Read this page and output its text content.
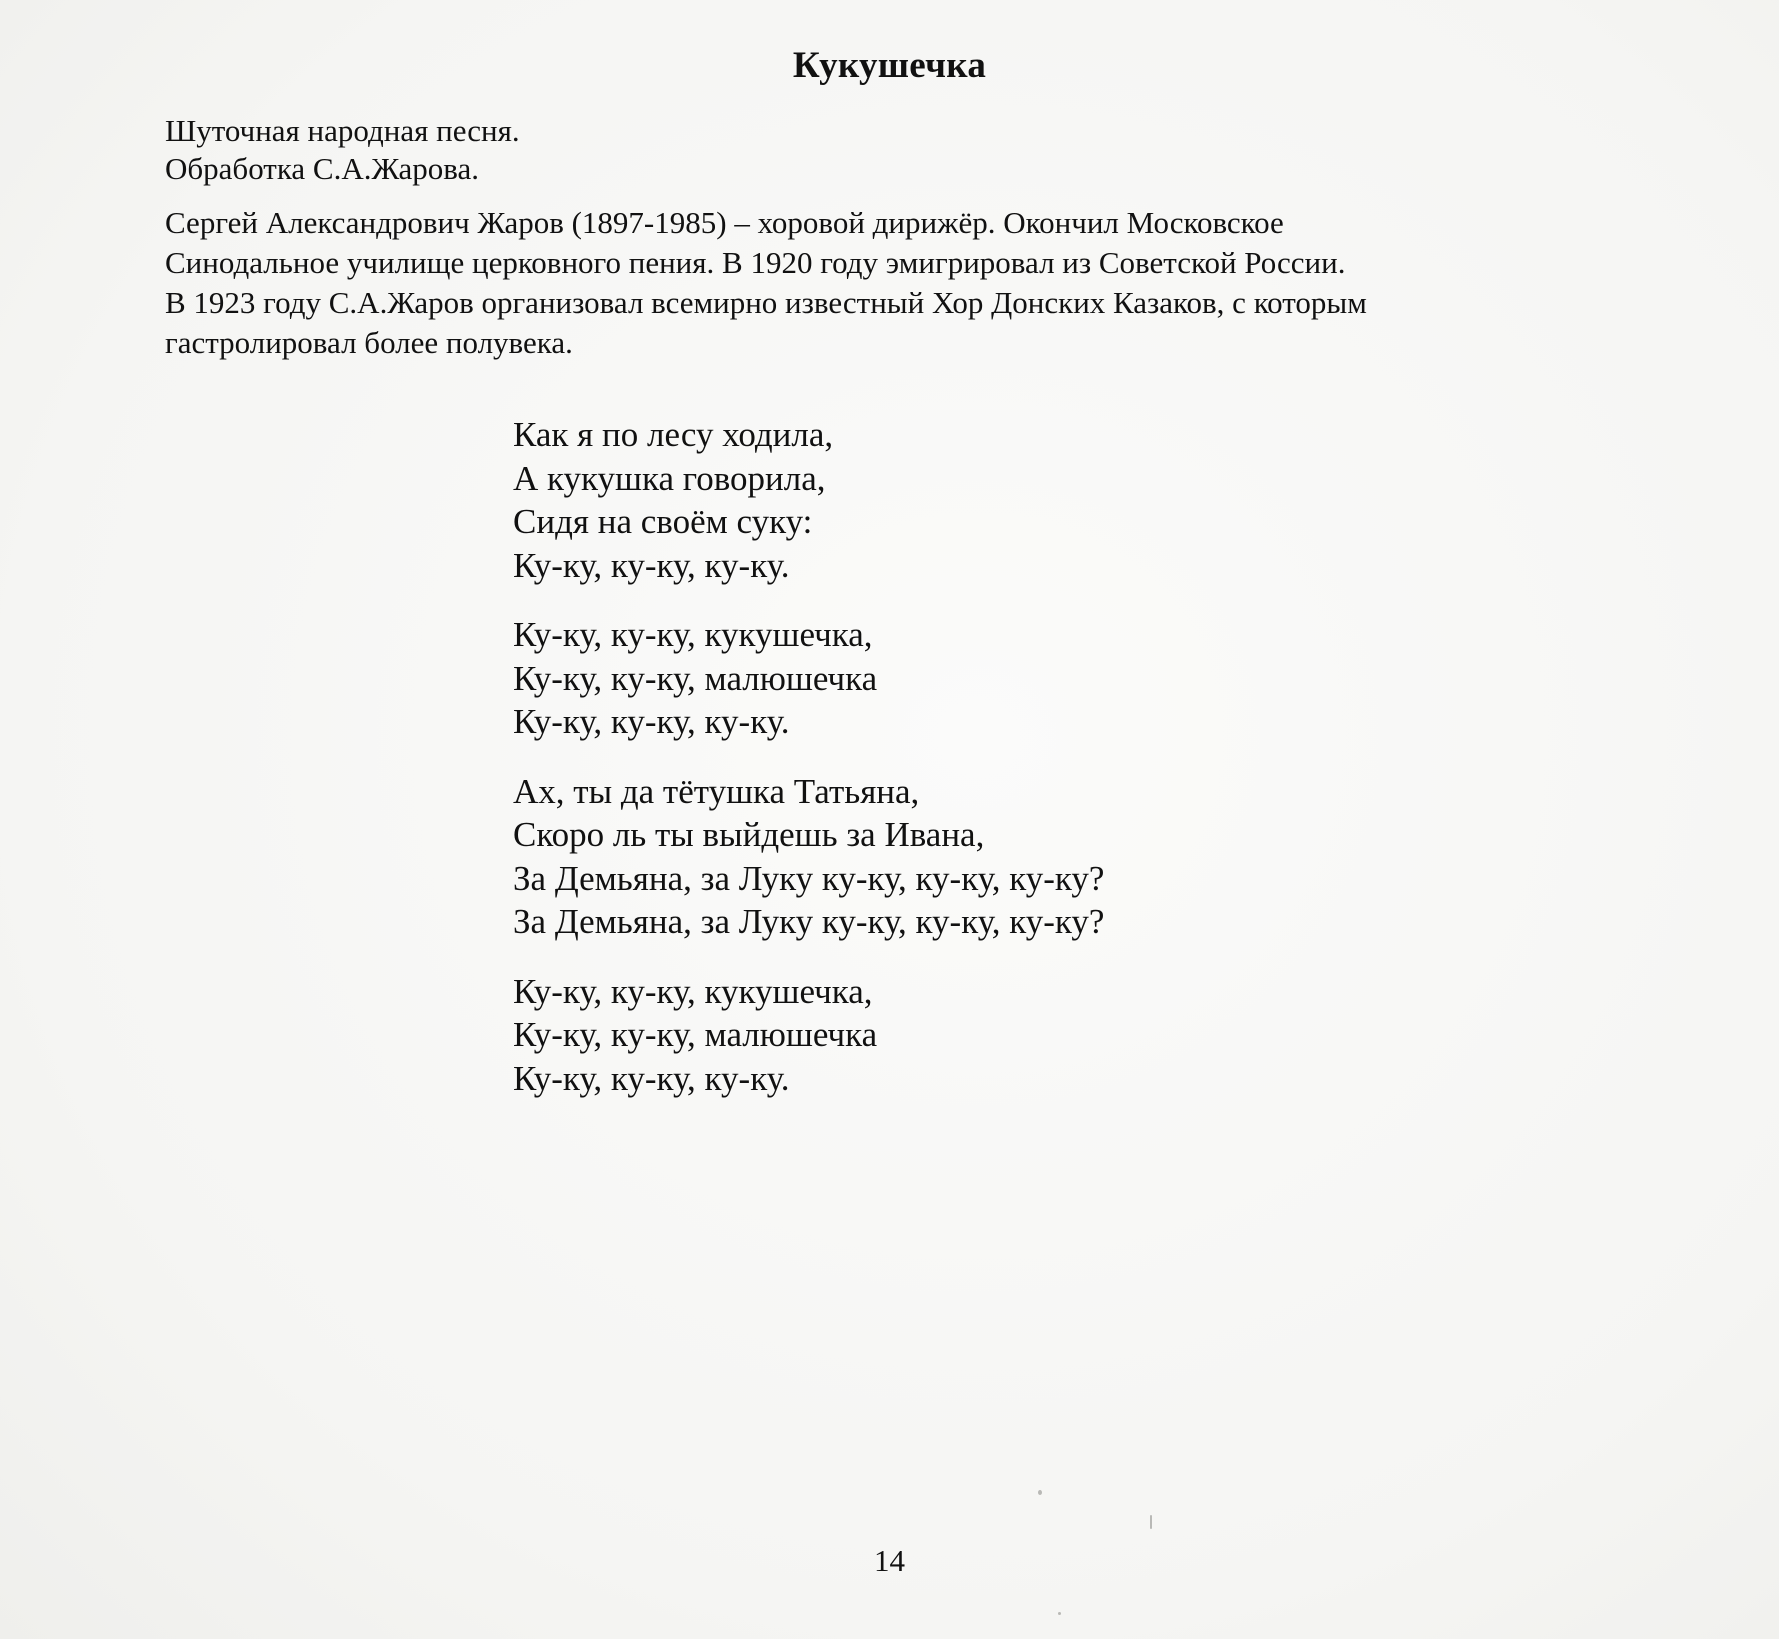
Кукушечка
Шуточная народная песня.
Обработка С.А.Жарова.

Сергей Александрович Жаров (1897-1985) – хоровой дирижёр. Окончил Московское

Синодальное училище церковного пения. В 1920 году эмигрировал из Советской России.

В 1923 году С.А.Жаров организовал всемирно известный Хор Донских Казаков, с которым

гастролировал более полувека.

Как я по лесу ходила,
А кукушка говорила,
Сидя на своём суку:
Ку-ку, ку-ку, ку-ку.
Ку-ку, ку-ку, кукушечка,
Ку-ку, ку-ку, малюшечка
Ку-ку, ку-ку, ку-ку.
Ах, ты да тётушка Татьяна,
Скоро ль ты выйдешь за Ивана,
За Демьяна, за Луку ку-ку, ку-ку, ку-ку?
За Демьяна, за Луку ку-ку, ку-ку, ку-ку?
Ку-ку, ку-ку, кукушечка,
Ку-ку, ку-ку, малюшечка
Ку-ку, ку-ку, ку-ку.
14
